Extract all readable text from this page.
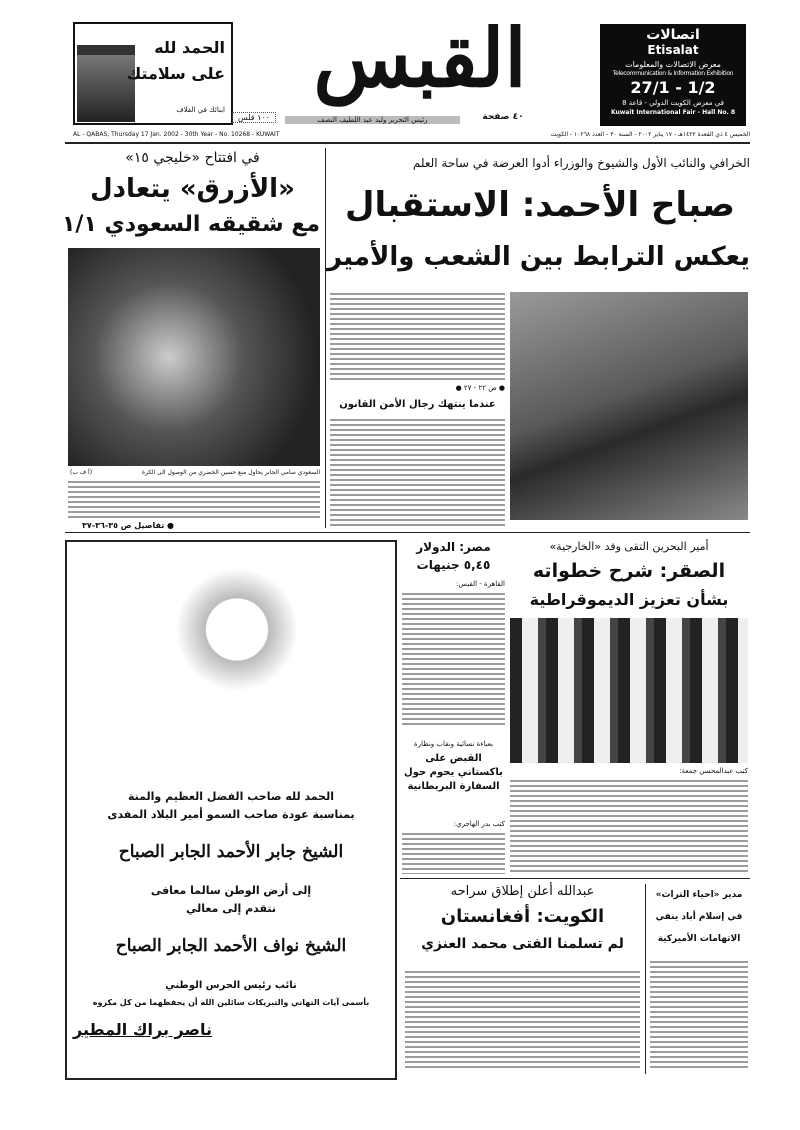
الحمد لله
على سلامتك
ابنائك في القلاف
القبس
١٠٠ فلس	رئيس التحرير وليد عبد اللطيف النصف	٤٠ صفحة
اتصالات
Etisalat
معرض الاتصالات والمعلومات
Telecommunication & Information Exhibition
27/1 - 1/2
في معرض الكويت الدولي - قاعة 8
Kuwait International Fair - Hall No. 8
AL - QABAS, Thursday 17 Jan. 2002 - 30th Year - No. 10268 - KUWAIT	الخميس ٤ ذي القعدة ١٤٢٢هـ - ١٧ يناير ٢٠٠٢ - السنة ٣٠ - العدد ١٠٢٦٨ - الكويت
في افتتاح «خليجي ١٥»
«الأزرق» يتعادل
مع شقيقه السعودي ١/١
السعودي سامي الجابر يحاول منع حسين الخضري من الوصول الى الكرة
(أ ف ب)
● تفاصيل ص ٣٥-٣٦-٣٧
الخرافي والنائب الأول والشيوخ والوزراء أدوا العرضة في ساحة العلم
صباح الأحمد: الاستقبال
يعكس الترابط بين الشعب والأمير
● ص ٢٢ - ٢٧ ●
عندما ينتهك رجال الأمن القانون
الحمد لله صاحب الفضل العظيم والمنة
بمناسبة عودة صاحب السمو أمير البلاد المفدى
الشيخ جابر الأحمد الجابر الصباح
إلى أرض الوطن سالما معافى
نتقدم إلى معالي
الشيخ نواف الأحمد الجابر الصباح
نائب رئيس الحرس الوطني
بأسمى آيات التهاني والتبريكات سائلين الله أن يحفظهما من كل مكروه
ناصر براك المطير
مصر: الدولار
٥,٤٥ جنيهات
القاهرة - القبس:
بعباءة نسائية ونقاب ونظارة
القبض على باكستاني يحوم حول السفارة البريطانية
كتب بدر الهاجري:
أمير البحرين التقى وفد «الخارجية»
الصقر: شرح خطواته
بشأن تعزيز الديموقراطية
كتب عبدالمحسن جمعة:
عبدالله أعلن إطلاق سراحه
الكويت: أفغانستان
لم تسلمنا الفتى محمد العنزي
مدير «احياء التراث»
في إسلام أباد ينفي
الاتهامات الأميركية
